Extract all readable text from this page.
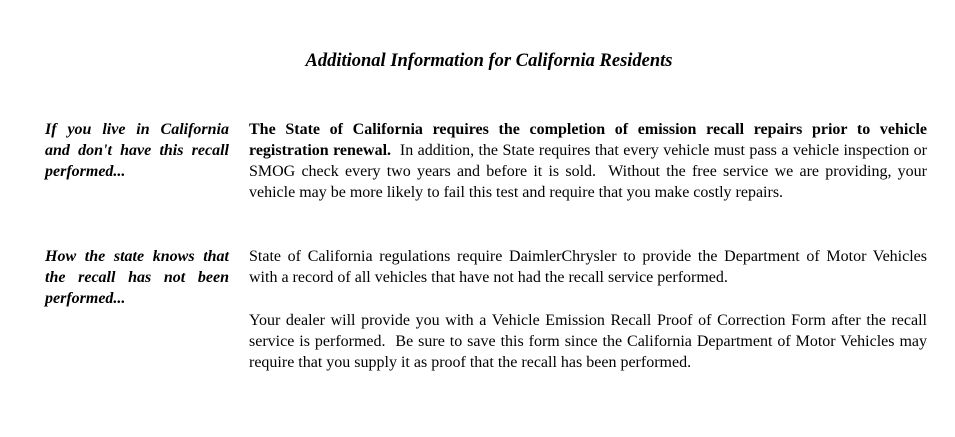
Additional Information for California Residents
If you live in California and don't have this recall performed...
The State of California requires the completion of emission recall repairs prior to vehicle registration renewal.  In addition, the State requires that every vehicle must pass a vehicle inspection or SMOG check every two years and before it is sold.  Without the free service we are providing, your vehicle may be more likely to fail this test and require that you make costly repairs.
How the state knows that the recall has not been performed...
State of California regulations require DaimlerChrysler to provide the Department of Motor Vehicles with a record of all vehicles that have not had the recall service performed.
Your dealer will provide you with a Vehicle Emission Recall Proof of Correction Form after the recall service is performed.  Be sure to save this form since the California Department of Motor Vehicles may require that you supply it as proof that the recall has been performed.
